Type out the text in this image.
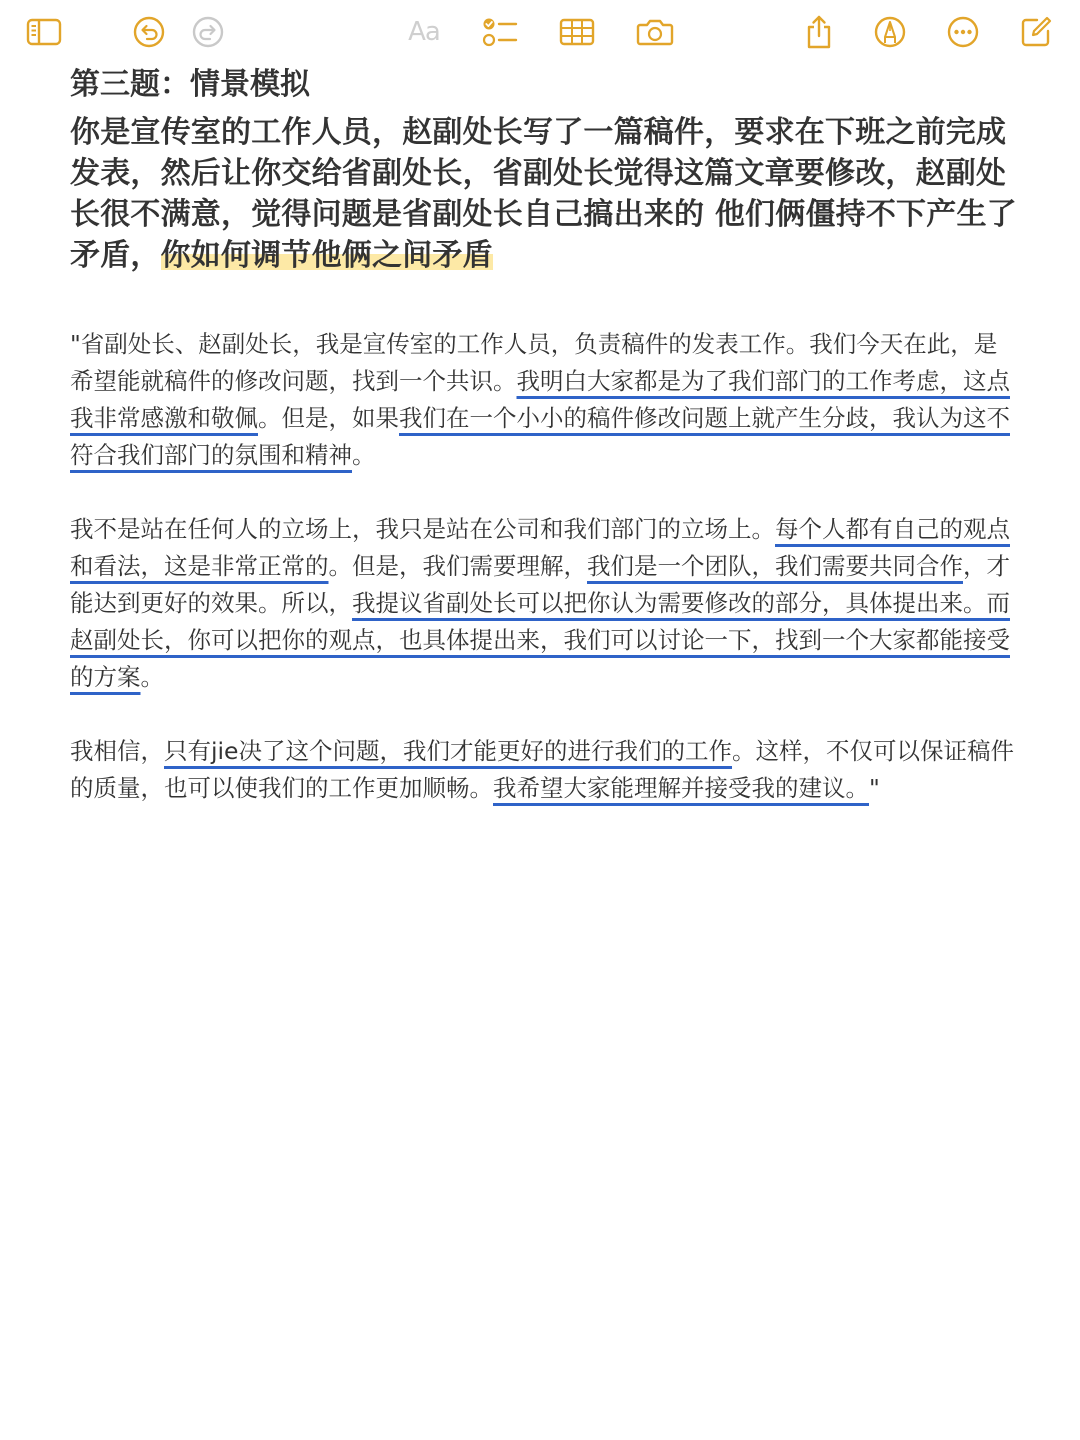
Aa
第三题：情景模拟

你是宣传室的工作人员，赵副处长写了一篇稿件，要求在下班之前完成发表，然后让你交给省副处长，省副处长觉得这篇文章要修改，赵副处长很不满意，觉得问题是省副处长自己搞出来的 他们俩僵持不下产生了矛盾，你如何调节他俩之间矛盾

"省副处长、赵副处长，我是宣传室的工作人员，负责稿件的发表工作。我们今天在此，是希望能就稿件的修改问题，找到一个共识。我明白大家都是为了我们部门的工作考虑，这点我非常感激和敬佩。但是，如果我们在一个小小的稿件修改问题上就产生分歧，我认为这不符合我们部门的氛围和精神。

我不是站在任何人的立场上，我只是站在公司和我们部门的立场上。每个人都有自己的观点和看法，这是非常正常的。但是，我们需要理解，我们是一个团队，我们需要共同合作，才能达到更好的效果。所以，我提议省副处长可以把你认为需要修改的部分，具体提出来。而赵副处长，你可以把你的观点，也具体提出来，我们可以讨论一下，找到一个大家都能接受的方案。

我相信，只有jie决了这个问题，我们才能更好的进行我们的工作。这样，不仅可以保证稿件的质量，也可以使我们的工作更加顺畅。我希望大家能理解并接受我的建议。"
